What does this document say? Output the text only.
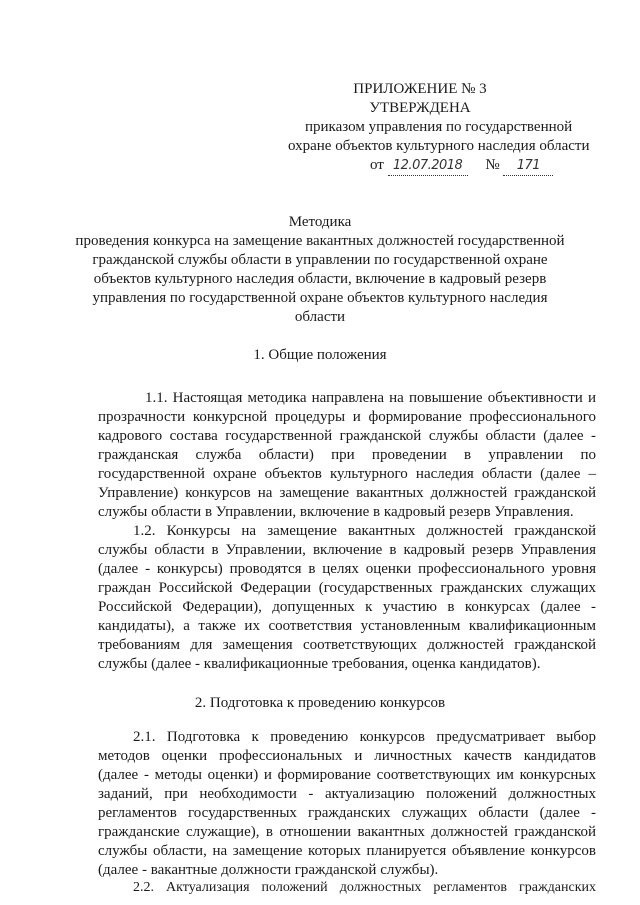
ПРИЛОЖЕНИЕ № 3
УТВЕРЖДЕНА
приказом управления по государственной
охране объектов культурного наследия области
от 12.07.2018 № 171
Методика
проведения конкурса на замещение вакантных должностей государственной
гражданской службы области в управлении по государственной охране
объектов культурного наследия области, включение в кадровый резерв
управления по государственной охране объектов культурного наследия
области
1. Общие положения
1.1. Настоящая методика направлена на повышение объективности и
прозрачности конкурсной процедуры и формирование профессионального
кадрового состава государственной гражданской службы области (далее -
гражданская служба области) при проведении в управлении по
государственной охране объектов культурного наследия области (далее –
Управление) конкурсов на замещение вакантных должностей гражданской
службы области в Управлении, включение в кадровый резерв Управления.
1.2. Конкурсы на замещение вакантных должностей гражданской
службы области в Управлении, включение в кадровый резерв Управления
(далее - конкурсы) проводятся в целях оценки профессионального уровня
граждан Российской Федерации (государственных гражданских служащих
Российской Федерации), допущенных к участию в конкурсах (далее -
кандидаты), а также их соответствия установленным квалификационным
требованиям для замещения соответствующих должностей гражданской
службы (далее - квалификационные требования, оценка кандидатов).
2. Подготовка к проведению конкурсов
2.1. Подготовка к проведению конкурсов предусматривает выбор
методов оценки профессиональных и личностных качеств кандидатов
(далее - методы оценки) и формирование соответствующих им конкурсных
заданий, при необходимости - актуализацию положений должностных
регламентов государственных гражданских служащих области (далее -
гражданские служащие), в отношении вакантных должностей гражданской
службы области, на замещение которых планируется объявление конкурсов
(далее - вакантные должности гражданской службы).
2.2. Актуализация положений должностных регламентов гражданских
